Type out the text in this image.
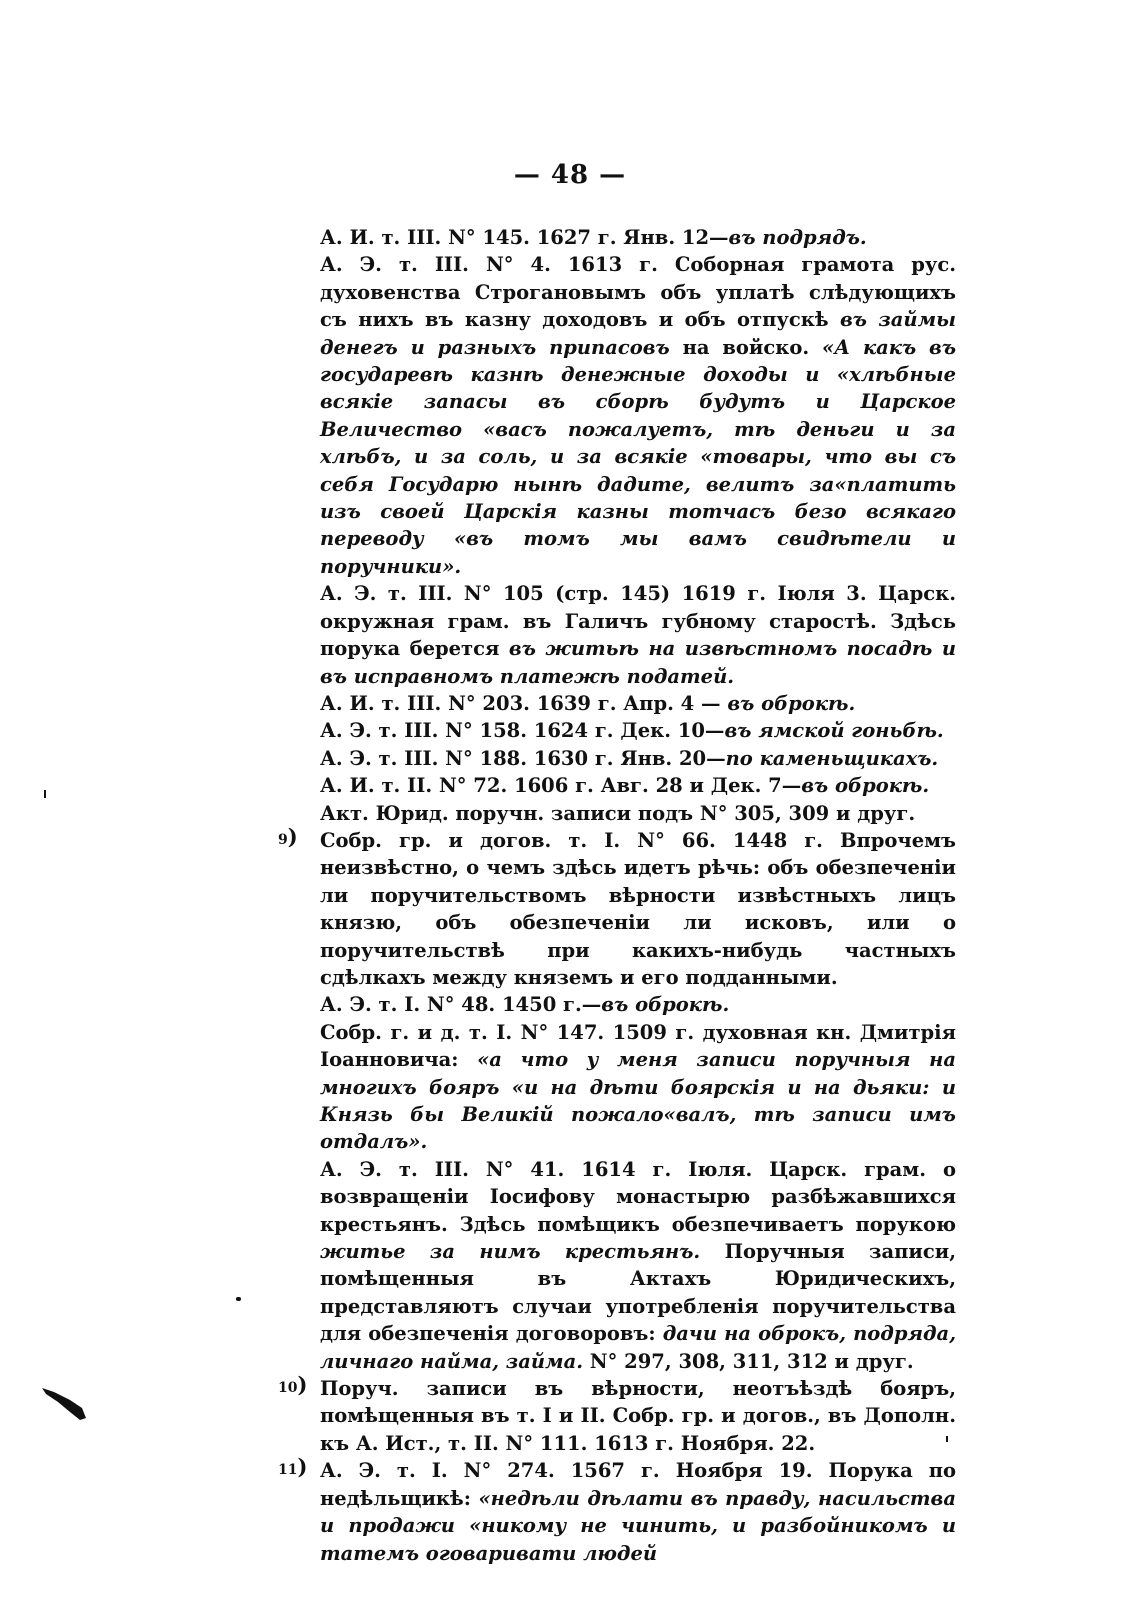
— 48 —

А. И. т. III. N° 145. 1627 г. Янв. 12—въ подрядъ.

А. Э. т. III. N° 4. 1613 г. Соборная грамота рус. духовенства Строгановымъ объ уплатѣ слѣдующихъ съ нихъ въ казну доходовъ и объ отпускѣ въ займы денегъ и разныхъ припасовъ на войско. «А какъ въ государевѣ казнѣ денежные доходы и «хлѣбные всякіе запасы въ сборѣ будутъ и Царское Величество «васъ пожалуетъ, тѣ деньги и за хлѣбъ, и за соль, и за всякіе «товары, что вы съ себя Государю нынѣ дадите, велитъ за«платить изъ своей Царскія казны тотчасъ безо всякаго переводу «въ томъ мы вамъ свидѣтели и поручники».

А. Э. т. III. N° 105 (стр. 145) 1619 г. Іюля 3. Царск. окружная грам. въ Галичъ губному старостѣ. Здѣсь порука берется въ житьѣ на извѣстномъ посадѣ и въ исправномъ платежѣ податей.

А. И. т. III. N° 203. 1639 г. Апр. 4 — въ оброкѣ.

А. Э. т. III. N° 158. 1624 г. Дек. 10—въ ямской гоньбѣ.

А. Э. т. III. N° 188. 1630 г. Янв. 20—по каменьщикахъ.

А. И. т. II. N° 72. 1606 г. Авг. 28 и Дек. 7—въ оброкѣ.

Акт. Юрид. поручн. записи подъ N° 305, 309 и друг.

9) Собр. гр. и догов. т. I. N° 66. 1448 г. Впрочемъ неизвѣстно, о чемъ здѣсь идетъ рѣчь: объ обезпеченіи ли поручительствомъ вѣрности извѣстныхъ лицъ князю, объ обезпеченіи ли исковъ, или о поручительствѣ при какихъ-нибудь частныхъ сдѣлкахъ между княземъ и его подданными.

А. Э. т. I. N° 48. 1450 г.—въ оброкѣ.

Собр. г. и д. т. I. N° 147. 1509 г. духовная кн. Дмитрія Іоанновича: «а что у меня записи поручныя на многихъ бояръ «и на дѣти боярскія и на дьяки: и Князь бы Великій пожало«валъ, тѣ записи имъ отдалъ».

А. Э. т. III. N° 41. 1614 г. Іюля. Царск. грам. о возвращеніи Іосифову монастырю разбѣжавшихся крестьянъ. Здѣсь помѣщикъ обезпечиваетъ порукою житье за нимъ крестьянъ. Поручныя записи, помѣщенныя въ Актахъ Юридическихъ, представляютъ случаи употребленія поручительства для обезпеченія договоровъ: дачи на оброкъ, подряда, личнаго найма, займа. N° 297, 308, 311, 312 и друг.

10) Поруч. записи въ вѣрности, неотъѣздѣ бояръ, помѣщенныя въ т. I и II. Собр. гр. и догов., въ Дополн. къ А. Ист., т. II. N° 111. 1613 г. Ноября. 22.

11) А. Э. т. I. N° 274. 1567 г. Ноября 19. Порука по недѣльщикѣ: «недѣли дѣлати въ правду, насильства и продажи «никому не чинить, и разбойникомъ и татемъ оговаривати людей
